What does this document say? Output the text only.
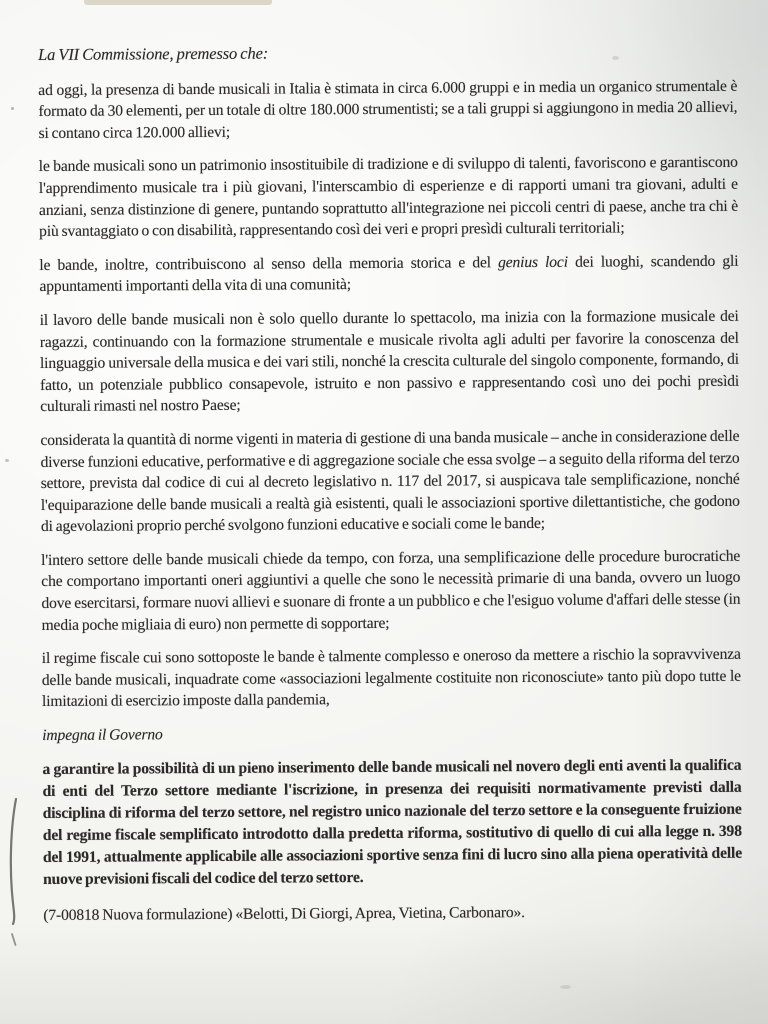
La VII Commissione, premesso che:

ad oggi, la presenza di bande musicali in Italia è stimata in circa 6.000 gruppi e in media un organico strumentale è formato da 30 elementi, per un totale di oltre 180.000 strumentisti; se a tali gruppi si aggiungono in media 20 allievi, si contano circa 120.000 allievi;

le bande musicali sono un patrimonio insostituibile di tradizione e di sviluppo di talenti, favoriscono e garantiscono l'apprendimento musicale tra i più giovani, l'interscambio di esperienze e di rapporti umani tra giovani, adulti e anziani, senza distinzione di genere, puntando soprattutto all'integrazione nei piccoli centri di paese, anche tra chi è più svantaggiato o con disabilità, rappresentando così dei veri e propri presìdi culturali territoriali;

le bande, inoltre, contribuiscono al senso della memoria storica e del genius loci dei luoghi, scandendo gli appuntamenti importanti della vita di una comunità;

il lavoro delle bande musicali non è solo quello durante lo spettacolo, ma inizia con la formazione musicale dei ragazzi, continuando con la formazione strumentale e musicale rivolta agli adulti per favorire la conoscenza del linguaggio universale della musica e dei vari stili, nonché la crescita culturale del singolo componente, formando, di fatto, un potenziale pubblico consapevole, istruito e non passivo e rappresentando così uno dei pochi presìdi culturali rimasti nel nostro Paese;

considerata la quantità di norme vigenti in materia di gestione di una banda musicale – anche in considerazione delle diverse funzioni educative, performative e di aggregazione sociale che essa svolge – a seguito della riforma del terzo settore, prevista dal codice di cui al decreto legislativo n. 117 del 2017, si auspicava tale semplificazione, nonché l'equiparazione delle bande musicali a realtà già esistenti, quali le associazioni sportive dilettantistiche, che godono di agevolazioni proprio perché svolgono funzioni educative e sociali come le bande;

l'intero settore delle bande musicali chiede da tempo, con forza, una semplificazione delle procedure burocratiche che comportano importanti oneri aggiuntivi a quelle che sono le necessità primarie di una banda, ovvero un luogo dove esercitarsi, formare nuovi allievi e suonare di fronte a un pubblico e che l'esiguo volume d'affari delle stesse (in media poche migliaia di euro) non permette di sopportare;

il regime fiscale cui sono sottoposte le bande è talmente complesso e oneroso da mettere a rischio la sopravvivenza delle bande musicali, inquadrate come «associazioni legalmente costituite non riconosciute» tanto più dopo tutte le limitazioni di esercizio imposte dalla pandemia,

impegna il Governo

a garantire la possibilità di un pieno inserimento delle bande musicali nel novero degli enti aventi la qualifica di enti del Terzo settore mediante l'iscrizione, in presenza dei requisiti normativamente previsti dalla disciplina di riforma del terzo settore, nel registro unico nazionale del terzo settore e la conseguente fruizione del regime fiscale semplificato introdotto dalla predetta riforma, sostitutivo di quello di cui alla legge n. 398 del 1991, attualmente applicabile alle associazioni sportive senza fini di lucro sino alla piena operatività delle nuove previsioni fiscali del codice del terzo settore.

(7-00818 Nuova formulazione) «Belotti, Di Giorgi, Aprea, Vietina, Carbonaro».
